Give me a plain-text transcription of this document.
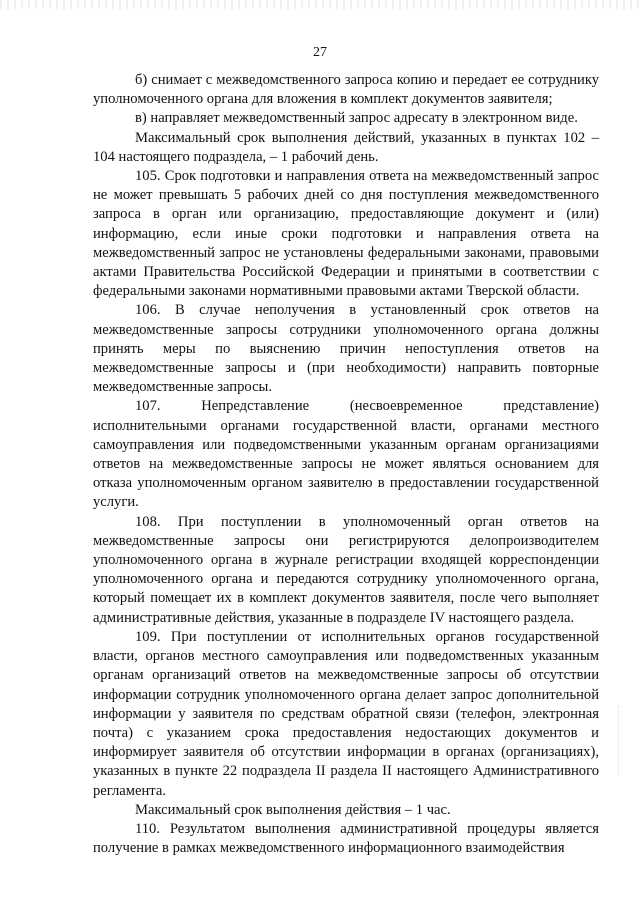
27

б) снимает с межведомственного запроса копию и передает ее сотруднику уполномоченного органа для вложения в комплект документов заявителя;

в) направляет межведомственный запрос адресату в электронном виде.

Максимальный срок выполнения действий, указанных в пунктах 102 – 104 настоящего подраздела, – 1 рабочий день.

105. Срок подготовки и направления ответа на межведомственный запрос не может превышать 5 рабочих дней со дня поступления межведомственного запроса в орган или организацию, предоставляющие документ и (или) информацию, если иные сроки подготовки и направления ответа на межведомственный запрос не установлены федеральными законами, правовыми актами Правительства Российской Федерации и принятыми в соответствии с федеральными законами нормативными правовыми актами Тверской области.

106. В случае неполучения в установленный срок ответов на межведомственные запросы сотрудники уполномоченного органа должны принять меры по выяснению причин непоступления ответов на межведомственные запросы и (при необходимости) направить повторные межведомственные запросы.

107. Непредставление (несвоевременное представление) исполнительными органами государственной власти, органами местного самоуправления или подведомственными указанным органам организациями ответов на межведомственные запросы не может являться основанием для отказа уполномоченным органом заявителю в предоставлении государственной услуги.

108. При поступлении в уполномоченный орган ответов на межведомственные запросы они регистрируются делопроизводителем уполномоченного органа в журнале регистрации входящей корреспонденции уполномоченного органа и передаются сотруднику уполномоченного органа, который помещает их в комплект документов заявителя, после чего выполняет административные действия, указанные в подразделе IV настоящего раздела.

109. При поступлении от исполнительных органов государственной власти, органов местного самоуправления или подведомственных указанным органам организаций ответов на межведомственные запросы об отсутствии информации сотрудник уполномоченного органа делает запрос дополнительной информации у заявителя по средствам обратной связи (телефон, электронная почта) с указанием срока предоставления недостающих документов и информирует заявителя об отсутствии информации в органах (организациях), указанных в пункте 22 подраздела II раздела II настоящего Административного регламента.

Максимальный срок выполнения действия – 1 час.

110. Результатом выполнения административной процедуры является получение в рамках межведомственного информационного взаимодействия
